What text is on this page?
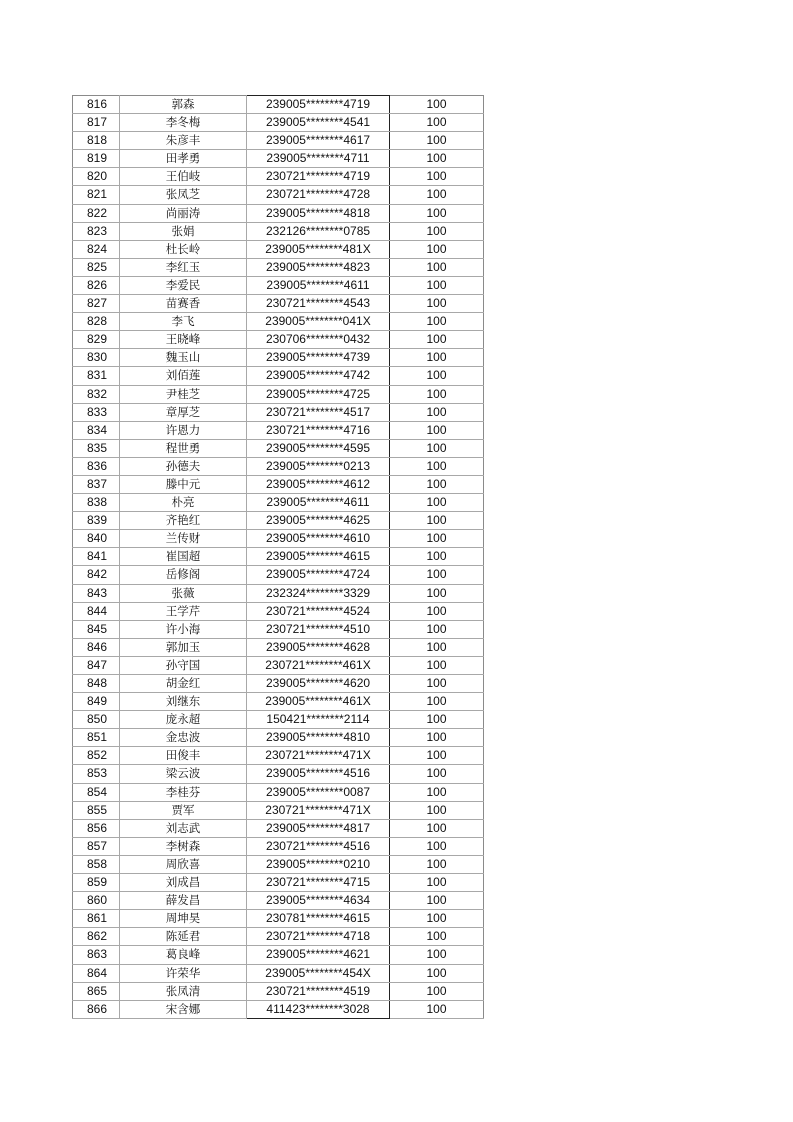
816	郭森	239005********4719	100
817	李冬梅	239005********4541	100
818	朱彦丰	239005********4617	100
819	田孝勇	239005********4711	100
820	王伯岐	230721********4719	100
821	张凤芝	230721********4728	100
822	尚丽涛	239005********4818	100
823	张娟	232126********0785	100
824	杜长岭	239005********481X	100
825	李红玉	239005********4823	100
826	李爱民	239005********4611	100
827	苗赛香	230721********4543	100
828	李飞	239005********041X	100
829	王晓峰	230706********0432	100
830	魏玉山	239005********4739	100
831	刘佰莲	239005********4742	100
832	尹桂芝	239005********4725	100
833	章厚芝	230721********4517	100
834	许恩力	230721********4716	100
835	程世勇	239005********4595	100
836	孙德夫	239005********0213	100
837	滕中元	239005********4612	100
838	朴亮	239005********4611	100
839	齐艳红	239005********4625	100
840	兰传财	239005********4610	100
841	崔国超	239005********4615	100
842	岳修阁	239005********4724	100
843	张薇	232324********3329	100
844	王学芹	230721********4524	100
845	许小海	230721********4510	100
846	郭加玉	239005********4628	100
847	孙守国	230721********461X	100
848	胡金红	239005********4620	100
849	刘继东	239005********461X	100
850	庞永超	150421********2114	100
851	金忠波	239005********4810	100
852	田俊丰	230721********471X	100
853	梁云波	239005********4516	100
854	李桂芬	239005********0087	100
855	贾军	230721********471X	100
856	刘志武	239005********4817	100
857	李树森	230721********4516	100
858	周欣喜	239005********0210	100
859	刘成昌	230721********4715	100
860	薛发昌	239005********4634	100
861	周坤昊	230781********4615	100
862	陈延君	230721********4718	100
863	葛良峰	239005********4621	100
864	许荣华	239005********454X	100
865	张凤清	230721********4519	100
866	宋含娜	411423********3028	100
